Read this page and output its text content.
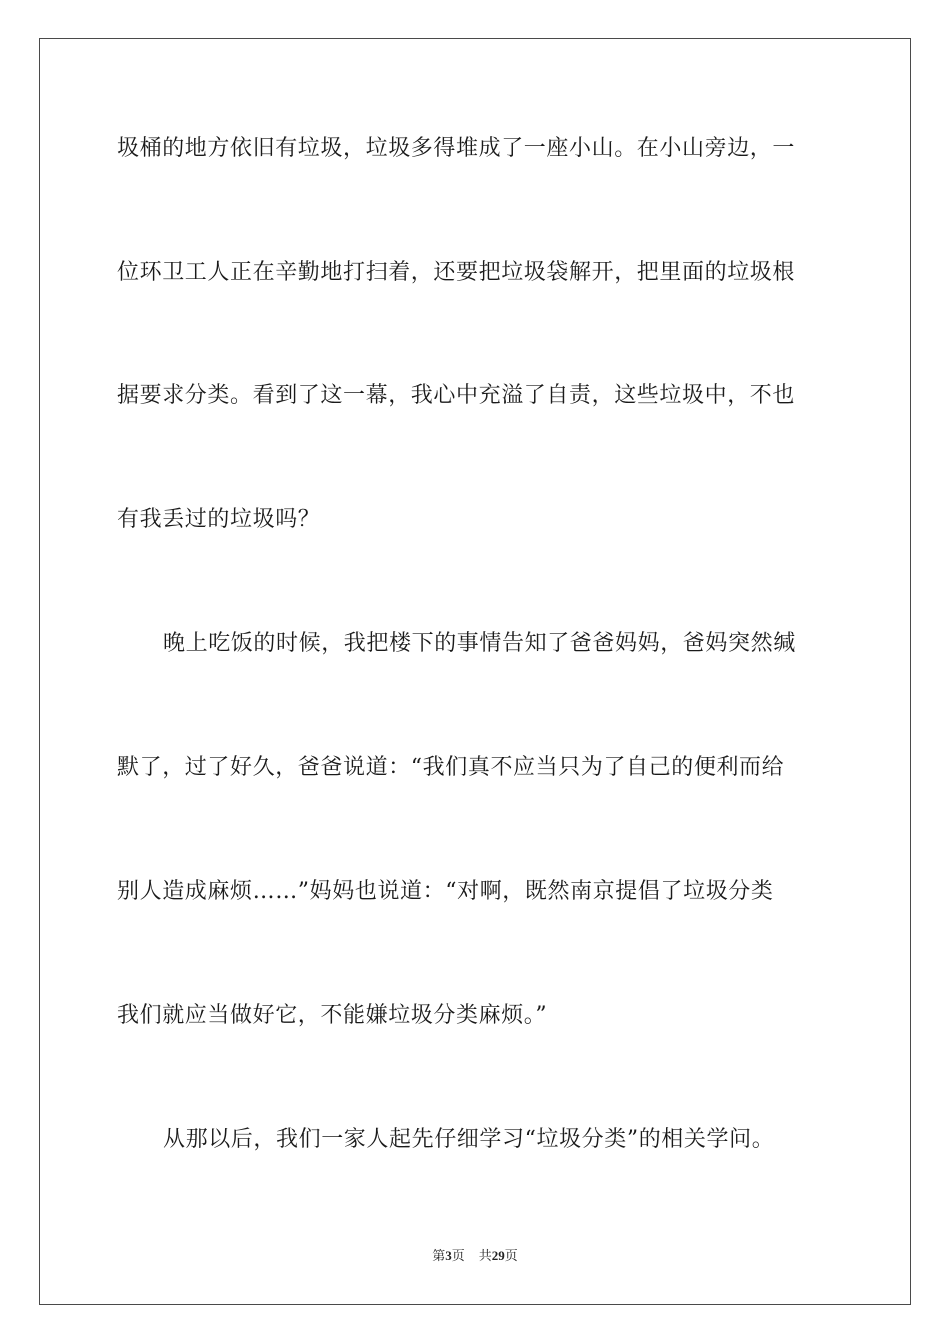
圾桶的地方依旧有垃圾，垃圾多得堆成了一座小山。在小山旁边，一
位环卫工人正在辛勤地打扫着，还要把垃圾袋解开，把里面的垃圾根
据要求分类。看到了这一幕，我心中充溢了自责，这些垃圾中，不也
有我丢过的垃圾吗？
晚上吃饭的时候，我把楼下的事情告知了爸爸妈妈，爸妈突然缄
默了，过了好久，爸爸说道：“我们真不应当只为了自己的便利而给
别人造成麻烦……”妈妈也说道：“对啊，既然南京提倡了垃圾分类
我们就应当做好它，不能嫌垃圾分类麻烦。”
从那以后，我们一家人起先仔细学习“垃圾分类”的相关学问。
第3页 共29页
